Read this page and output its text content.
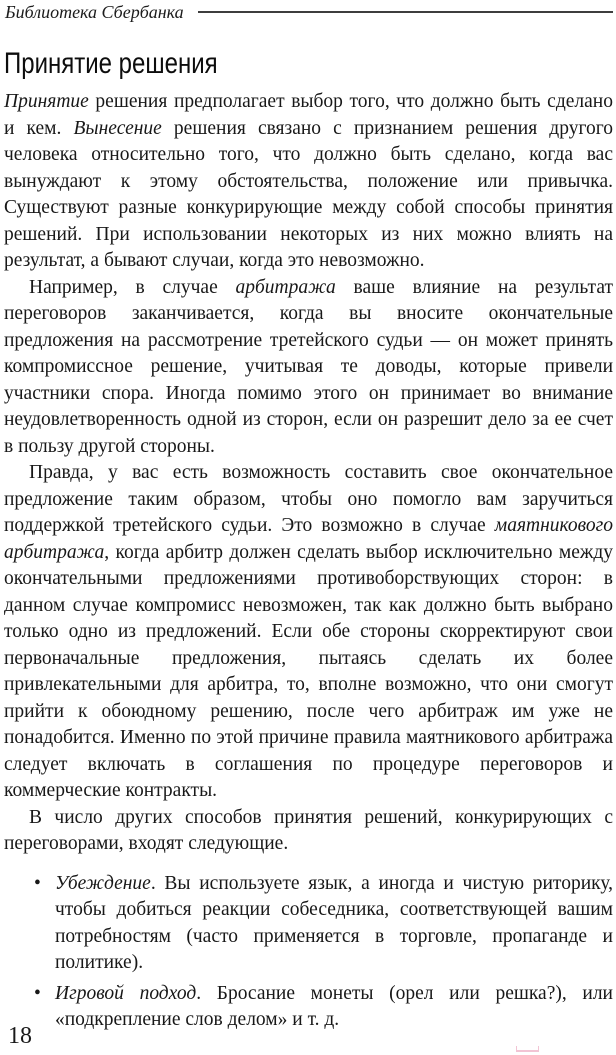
Библиотека Сбербанка
Принятие решения

Принятие решения предполагает выбор того, что должно быть сделано и кем. Вынесение решения связано с признанием решения другого человека относительно того, что должно быть сделано, когда вас вынуждают к этому обстоятельства, положение или привычка. Существуют разные конкурирующие между собой способы принятия решений. При использовании некоторых из них можно влиять на результат, а бывают случаи, когда это невозможно.

Например, в случае арбитража ваше влияние на результат переговоров заканчивается, когда вы вносите окончательные предложения на рассмотрение третейского судьи — он может принять компромиссное решение, учитывая те доводы, которые привели участники спора. Иногда помимо этого он принимает во внимание неудовлетворенность одной из сторон, если он разрешит дело за ее счет в пользу другой стороны.

Правда, у вас есть возможность составить свое окончательное предложение таким образом, чтобы оно помогло вам заручиться поддержкой третейского судьи. Это возможно в случае маятникового арбитража, когда арбитр должен сделать выбор исключительно между окончательными предложениями противоборствующих сторон: в данном случае компромисс невозможен, так как должно быть выбрано только одно из предложений. Если обе стороны скорректируют свои первоначальные предложения, пытаясь сделать их более привлекательными для арбитра, то, вполне возможно, что они смогут прийти к обоюдному решению, после чего арбитраж им уже не понадобится. Именно по этой причине правила маятникового арбитража следует включать в соглашения по процедуре переговоров и коммерческие контракты.

В число других способов принятия решений, конкурирующих с переговорами, входят следующие.

• Убеждение. Вы используете язык, а иногда и чистую риторику, чтобы добиться реакции собеседника, соответствующей вашим потребностям (часто применяется в торговле, пропаганде и политике).
• Игровой подход. Бросание монеты (орел или решка?), или «подкрепление слов делом» и т. д.
18
